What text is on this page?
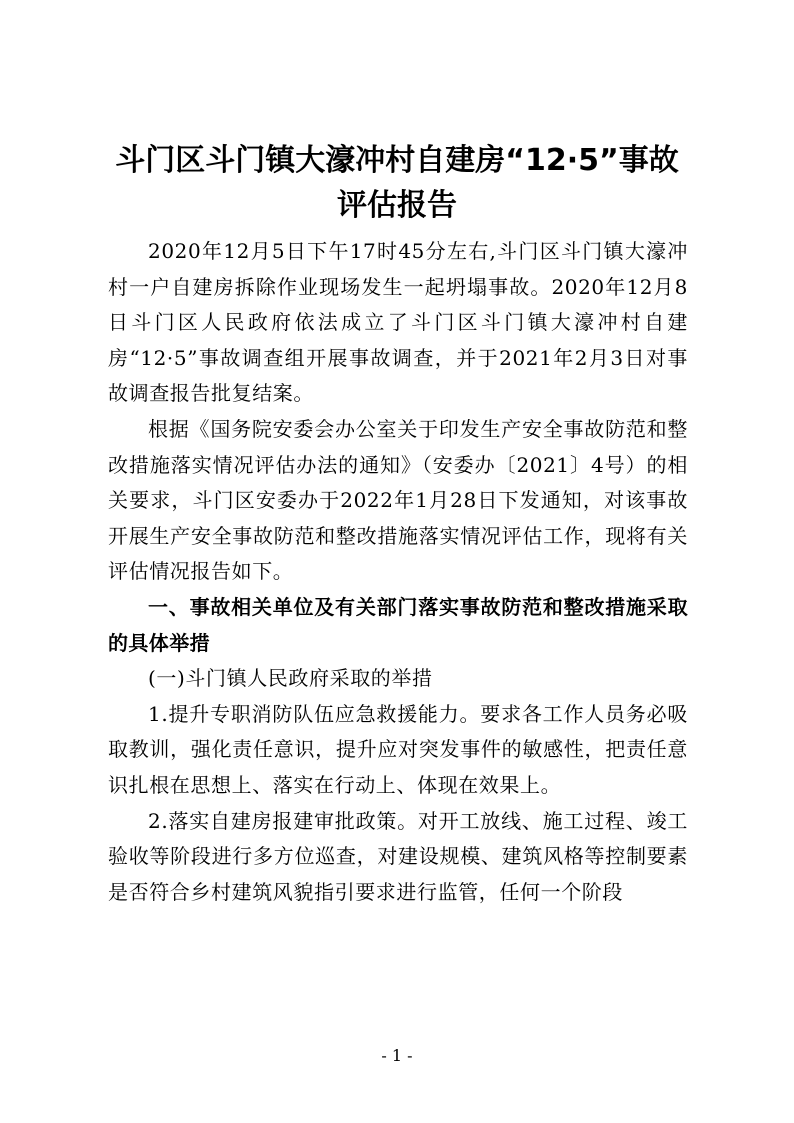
斗门区斗门镇大濠冲村自建房“12·5”事故
评估报告

2020年12月5日下午17时45分左右,斗门区斗门镇大濠冲村一户自建房拆除作业现场发生一起坍塌事故。2020年12月8日斗门区人民政府依法成立了斗门区斗门镇大濠冲村自建房“12·5”事故调查组开展事故调查，并于2021年2月3日对事故调查报告批复结案。

根据《国务院安委会办公室关于印发生产安全事故防范和整改措施落实情况评估办法的通知》（安委办〔2021〕4号）的相关要求，斗门区安委办于2022年1月28日下发通知，对该事故开展生产安全事故防范和整改措施落实情况评估工作，现将有关评估情况报告如下。

一、事故相关单位及有关部门落实事故防范和整改措施采取的具体举措

(一)斗门镇人民政府采取的举措

1.提升专职消防队伍应急救援能力。要求各工作人员务必吸取教训，强化责任意识，提升应对突发事件的敏感性，把责任意识扎根在思想上、落实在行动上、体现在效果上。

2.落实自建房报建审批政策。对开工放线、施工过程、竣工验收等阶段进行多方位巡查，对建设规模、建筑风格等控制要素是否符合乡村建筑风貌指引要求进行监管，任何一个阶段

- 1 -
